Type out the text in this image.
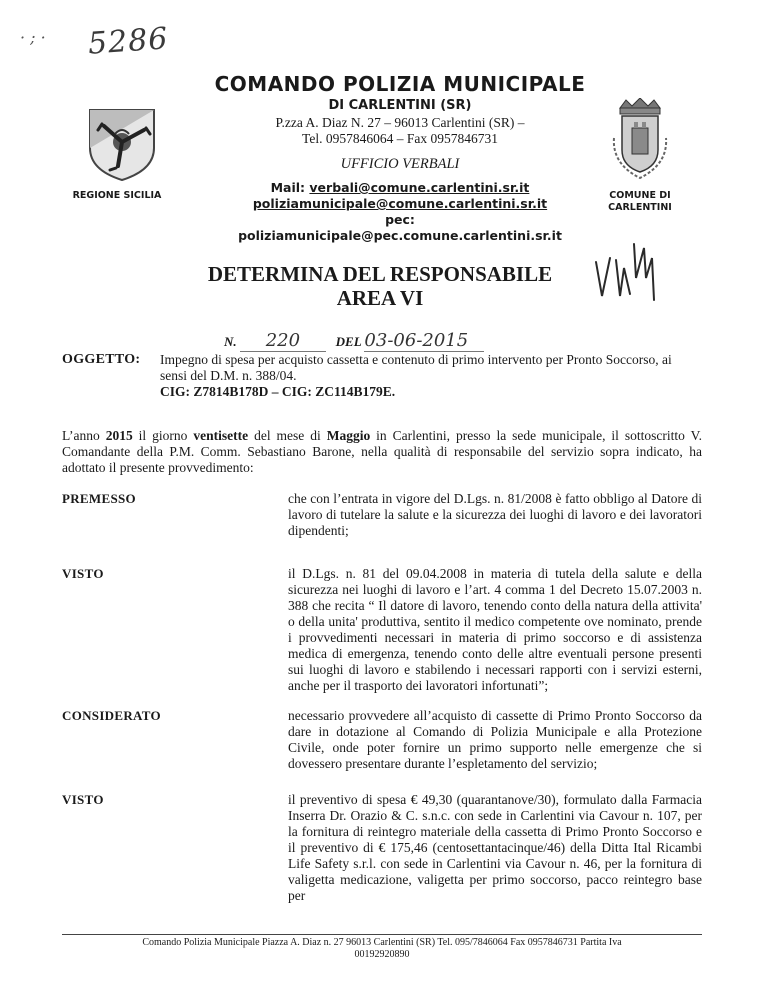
· ; · 5286
COMANDO POLIZIA MUNICIPALE
DI CARLENTINI (SR)
P.zza A. Diaz N. 27 – 96013 Carlentini (SR) –
Tel. 0957846064 – Fax 0957846731
UFFICIO VERBALI
Mail: verbali@comune.carlentini.sr.it
poliziamunicipale@comune.carlentini.sr.it
pec:
poliziamunicipale@pec.comune.carlentini.sr.it
REGIONE SICILIA	COMUNE DI
CARLENTINI
DETERMINA DEL RESPONSABILE
AREA VI
N. 220	DEL 03-06-2015
OGGETTO: Impegno di spesa per acquisto cassetta e contenuto di primo intervento per Pronto Soccorso, ai sensi del D.M. n. 388/04.
CIG: Z7814B178D – CIG: ZC114B179E.
L’anno 2015 il giorno ventisette del mese di Maggio in Carlentini, presso la sede municipale, il sottoscritto V. Comandante della P.M. Comm. Sebastiano Barone, nella qualità di responsabile del servizio sopra indicato, ha adottato il presente provvedimento:
PREMESSO	che con l’entrata in vigore del D.Lgs. n. 81/2008 è fatto obbligo al Datore di lavoro di tutelare la salute e la sicurezza dei luoghi di lavoro e dei lavoratori dipendenti;
VISTO	il D.Lgs. n. 81 del 09.04.2008 in materia di tutela della salute e della sicurezza nei luoghi di lavoro e l’art. 4 comma 1 del Decreto 15.07.2003 n. 388 che recita “ Il datore di lavoro, tenendo conto della natura della attivita' o della unita' produttiva, sentito il medico competente ove nominato, prende i provvedimenti necessari in materia di primo soccorso e di assistenza medica di emergenza, tenendo conto delle altre eventuali persone presenti sui luoghi di lavoro e stabilendo i necessari rapporti con i servizi esterni, anche per il trasporto dei lavoratori infortunati”;
CONSIDERATO	necessario provvedere all’acquisto di cassette di Primo Pronto Soccorso da dare in dotazione al Comando di Polizia Municipale e alla Protezione Civile, onde poter fornire un primo supporto nelle emergenze che si dovessero presentare durante l’espletamento del servizio;
VISTO	il preventivo di spesa € 49,30 (quarantanove/30), formulato dalla Farmacia Inserra Dr. Orazio & C. s.n.c. con sede in Carlentini via Cavour n. 107, per la fornitura di reintegro materiale della cassetta di Primo Pronto Soccorso e il preventivo di € 175,46 (centosettantacinque/46) della Ditta Ital Ricambi Life Safety s.r.l. con sede in Carlentini via Cavour n. 46, per la fornitura di valigetta medicazione, valigetta per primo soccorso, pacco reintegro base per
Comando Polizia Municipale Piazza A. Diaz n. 27 96013 Carlentini (SR) Tel. 095/7846064 Fax 0957846731 Partita Iva
00192920890
